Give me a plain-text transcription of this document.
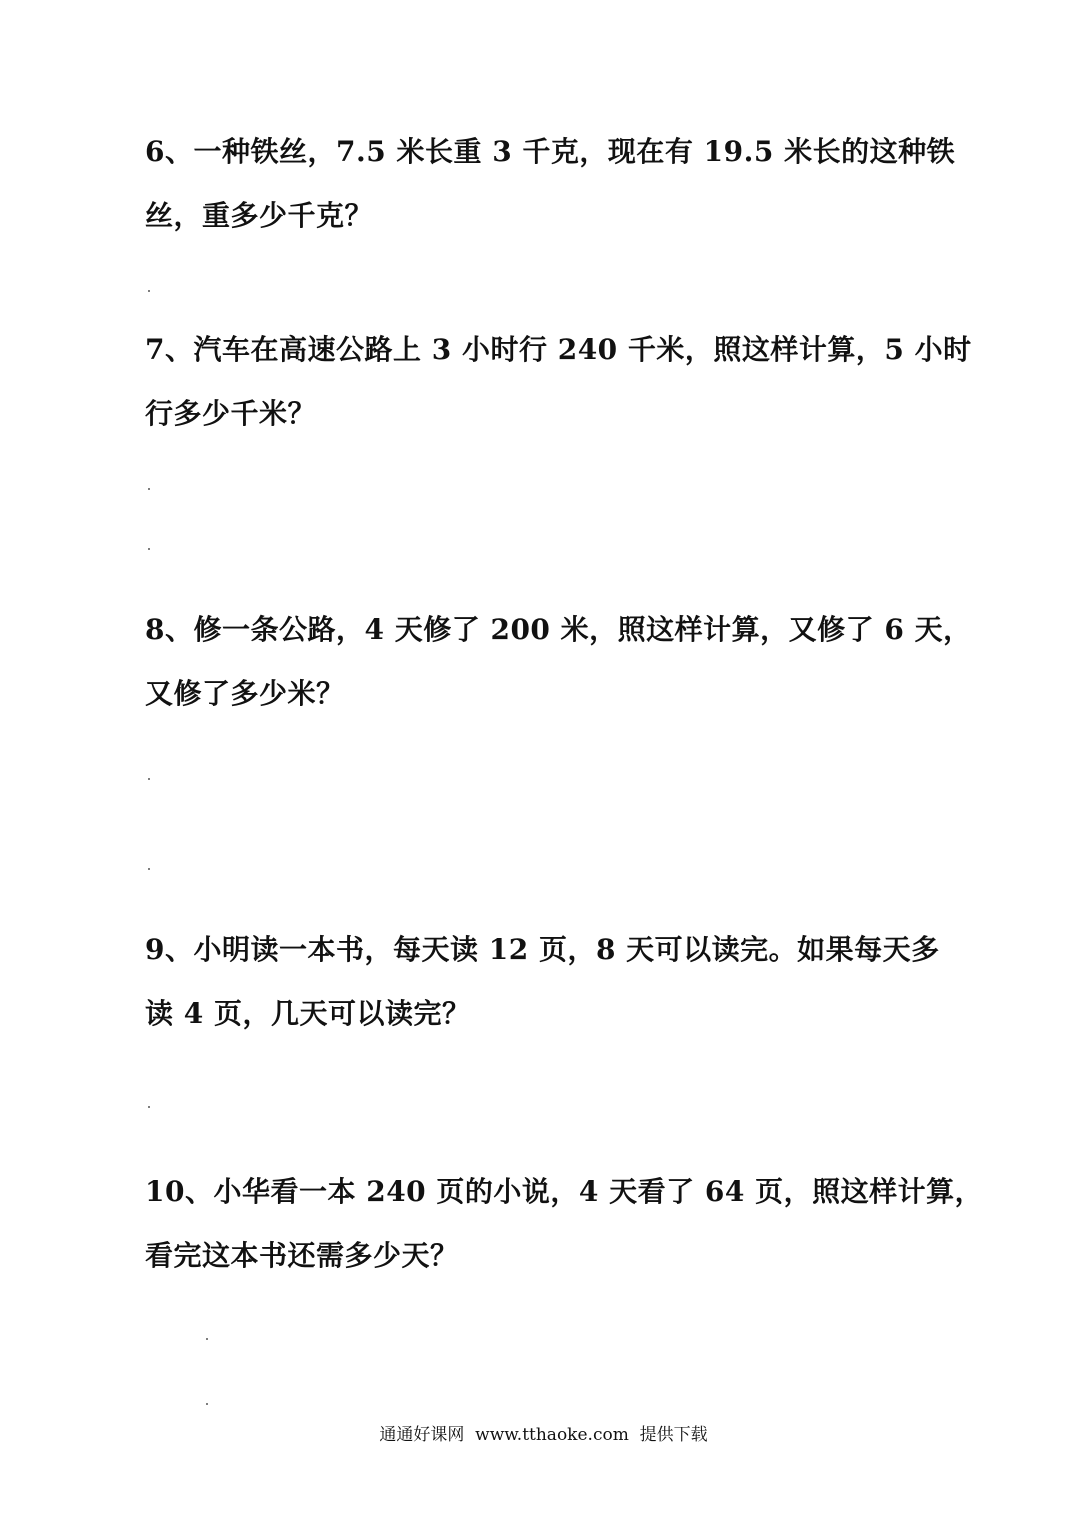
6、一种铁丝，7.5 米长重 3 千克，现在有 19.5 米长的这种铁
丝，重多少千克？
7、汽车在高速公路上 3 小时行 240 千米，照这样计算，5 小时
行多少千米？
8、修一条公路，4 天修了 200 米，照这样计算，又修了 6 天，
又修了多少米？
9、小明读一本书，每天读 12 页，8 天可以读完。如果每天多
读 4 页，几天可以读完？
10、小华看一本 240 页的小说，4 天看了 64 页，照这样计算，
看完这本书还需多少天？
通通好课网 www.tthaoke.com 提供下载
